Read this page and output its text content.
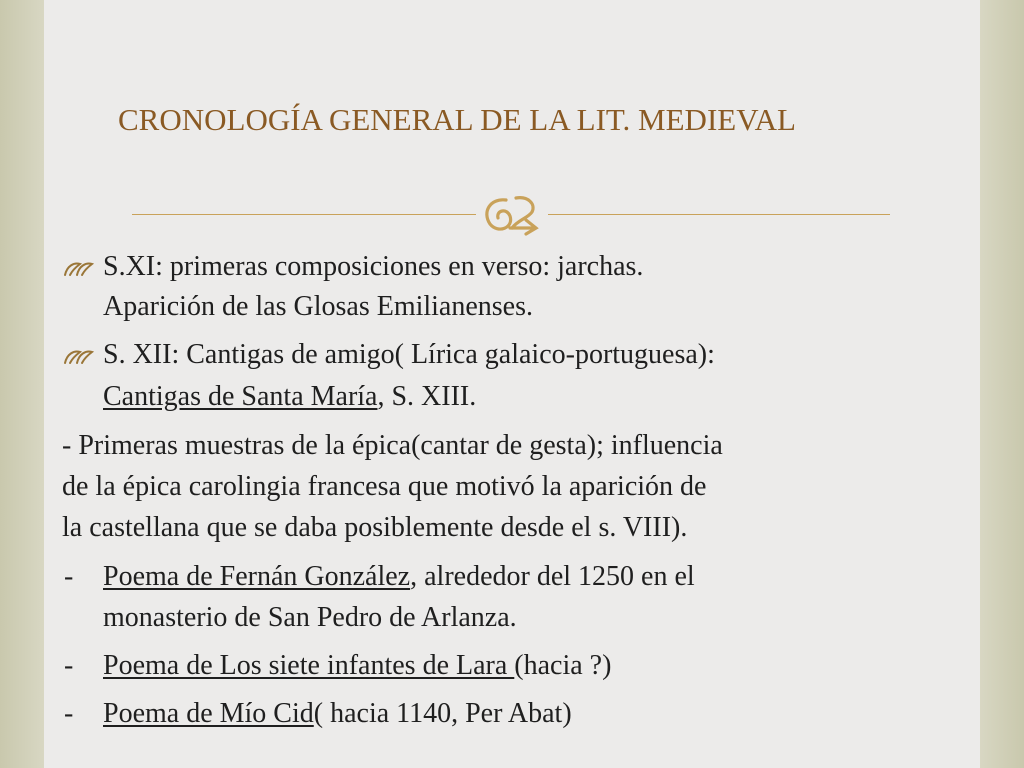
CRONOLOGÍA GENERAL DE LA LIT. MEDIEVAL
S.XI: primeras composiciones en verso: jarchas.
Aparición de las Glosas Emilianenses.
S. XII: Cantigas de amigo( Lírica galaico-portuguesa):
Cantigas de Santa María, S. XIII.
- Primeras muestras de la épica(cantar de gesta); influencia
de la épica carolingia francesa que motivó la aparición de
la castellana que se daba posiblemente desde el s. VIII).
- Poema de Fernán González, alrededor del 1250 en el
monasterio de San Pedro de Arlanza.
- Poema de Los siete infantes de Lara (hacia ?)
- Poema de Mío Cid( hacia 1140, Per Abat)
